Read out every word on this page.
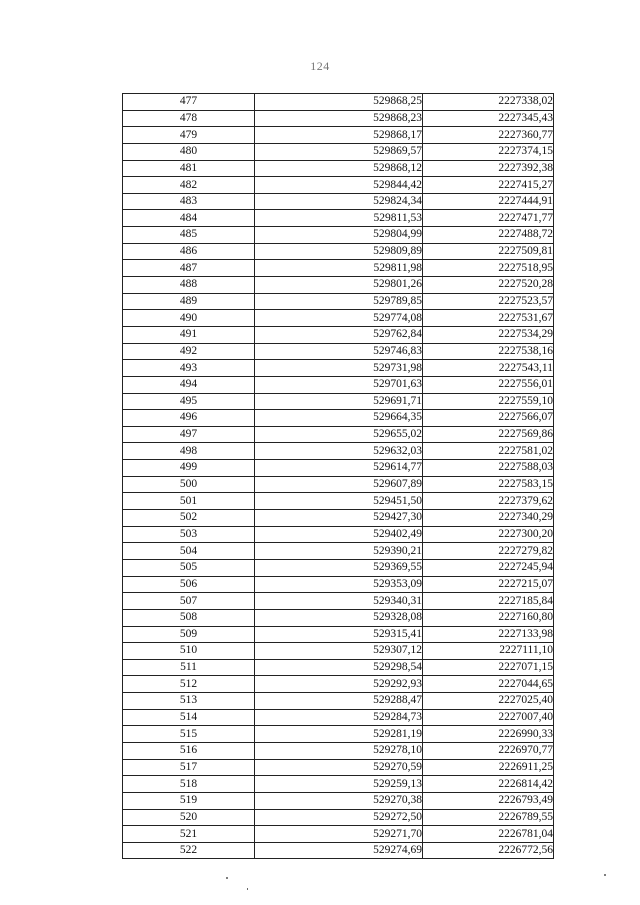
124
477	529868,25	2227338,02
478	529868,23	2227345,43
479	529868,17	2227360,77
480	529869,57	2227374,15
481	529868,12	2227392,38
482	529844,42	2227415,27
483	529824,34	2227444,91
484	529811,53	2227471,77
485	529804,99	2227488,72
486	529809,89	2227509,81
487	529811,98	2227518,95
488	529801,26	2227520,28
489	529789,85	2227523,57
490	529774,08	2227531,67
491	529762,84	2227534,29
492	529746,83	2227538,16
493	529731,98	2227543,11
494	529701,63	2227556,01
495	529691,71	2227559,10
496	529664,35	2227566,07
497	529655,02	2227569,86
498	529632,03	2227581,02
499	529614,77	2227588,03
500	529607,89	2227583,15
501	529451,50	2227379,62
502	529427,30	2227340,29
503	529402,49	2227300,20
504	529390,21	2227279,82
505	529369,55	2227245,94
506	529353,09	2227215,07
507	529340,31	2227185,84
508	529328,08	2227160,80
509	529315,41	2227133,98
510	529307,12	2227111,10
511	529298,54	2227071,15
512	529292,93	2227044,65
513	529288,47	2227025,40
514	529284,73	2227007,40
515	529281,19	2226990,33
516	529278,10	2226970,77
517	529270,59	2226911,25
518	529259,13	2226814,42
519	529270,38	2226793,49
520	529272,50	2226789,55
521	529271,70	2226781,04
522	529274,69	2226772,56
